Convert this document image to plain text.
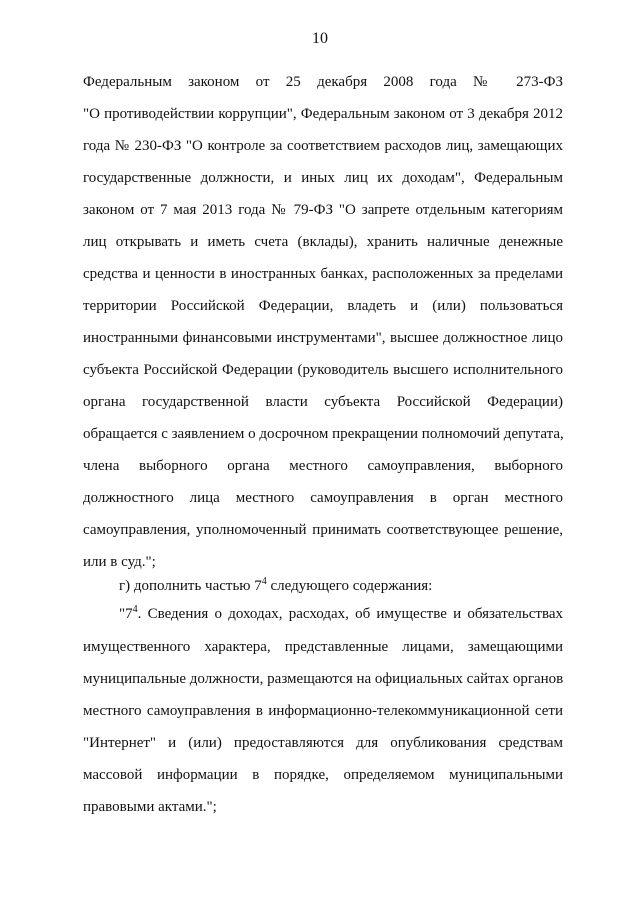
10
Федеральным законом от 25 декабря 2008 года № 273-ФЗ
"О противодействии коррупции", Федеральным законом от 3 декабря 2012
года № 230-ФЗ "О контроле за соответствием расходов лиц, замещающих
государственные должности, и иных лиц их доходам", Федеральным
законом от 7 мая 2013 года № 79-ФЗ "О запрете отдельным категориям
лиц открывать и иметь счета (вклады), хранить наличные денежные
средства и ценности в иностранных банках, расположенных за пределами
территории Российской Федерации, владеть и (или) пользоваться
иностранными финансовыми инструментами", высшее должностное лицо
субъекта Российской Федерации (руководитель высшего исполнительного
органа государственной власти субъекта Российской Федерации)
обращается с заявлением о досрочном прекращении полномочий депутата,
члена выборного органа местного самоуправления, выборного
должностного лица местного самоуправления в орган местного
самоуправления, уполномоченный принимать соответствующее решение,
или в суд.";
г) дополнить частью $7^4$ следующего содержания:
"$7^4$. Сведения о доходах, расходах, об имуществе и обязательствах
имущественного характера, представленные лицами, замещающими
муниципальные должности, размещаются на официальных сайтах органов
местного самоуправления в информационно-телекоммуникационной сети
"Интернет" и (или) предоставляются для опубликования средствам
массовой информации в порядке, определяемом муниципальными
правовыми актами.";
